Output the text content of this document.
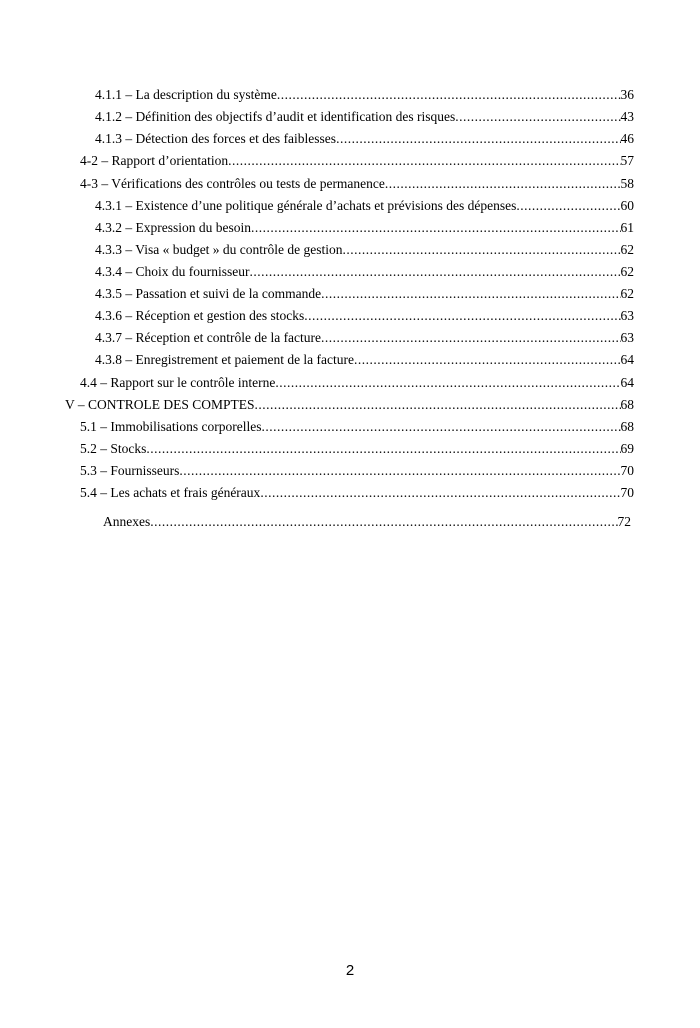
4.1.1 – La description du système .....	36
4.1.2 – Définition des objectifs d’audit et identification des risques .....	43
4.1.3 – Détection des forces et des faiblesses .....	46
4-2 – Rapport d’orientation .....	57
4-3 – Vérifications des contrôles ou tests de permanence .....	58
4.3.1 – Existence d’une politique générale d’achats et prévisions des dépenses .....	60
4.3.2 – Expression du besoin .....	61
4.3.3 – Visa « budget » du contrôle de gestion .....	62
4.3.4 – Choix du fournisseur .....	62
4.3.5 – Passation et suivi de la commande .....	62
4.3.6 – Réception et gestion des stocks .....	63
4.3.7 – Réception et contrôle de la facture .....	63
4.3.8 – Enregistrement et paiement de la facture .....	64
4.4 – Rapport sur le contrôle interne .....	64
V – CONTROLE DES COMPTES .....	68
5.1 – Immobilisations corporelles .....	68
5.2 – Stocks .....	69
5.3 – Fournisseurs .....	70
5.4 – Les achats et frais généraux .....	70
Annexes .....	72
2
